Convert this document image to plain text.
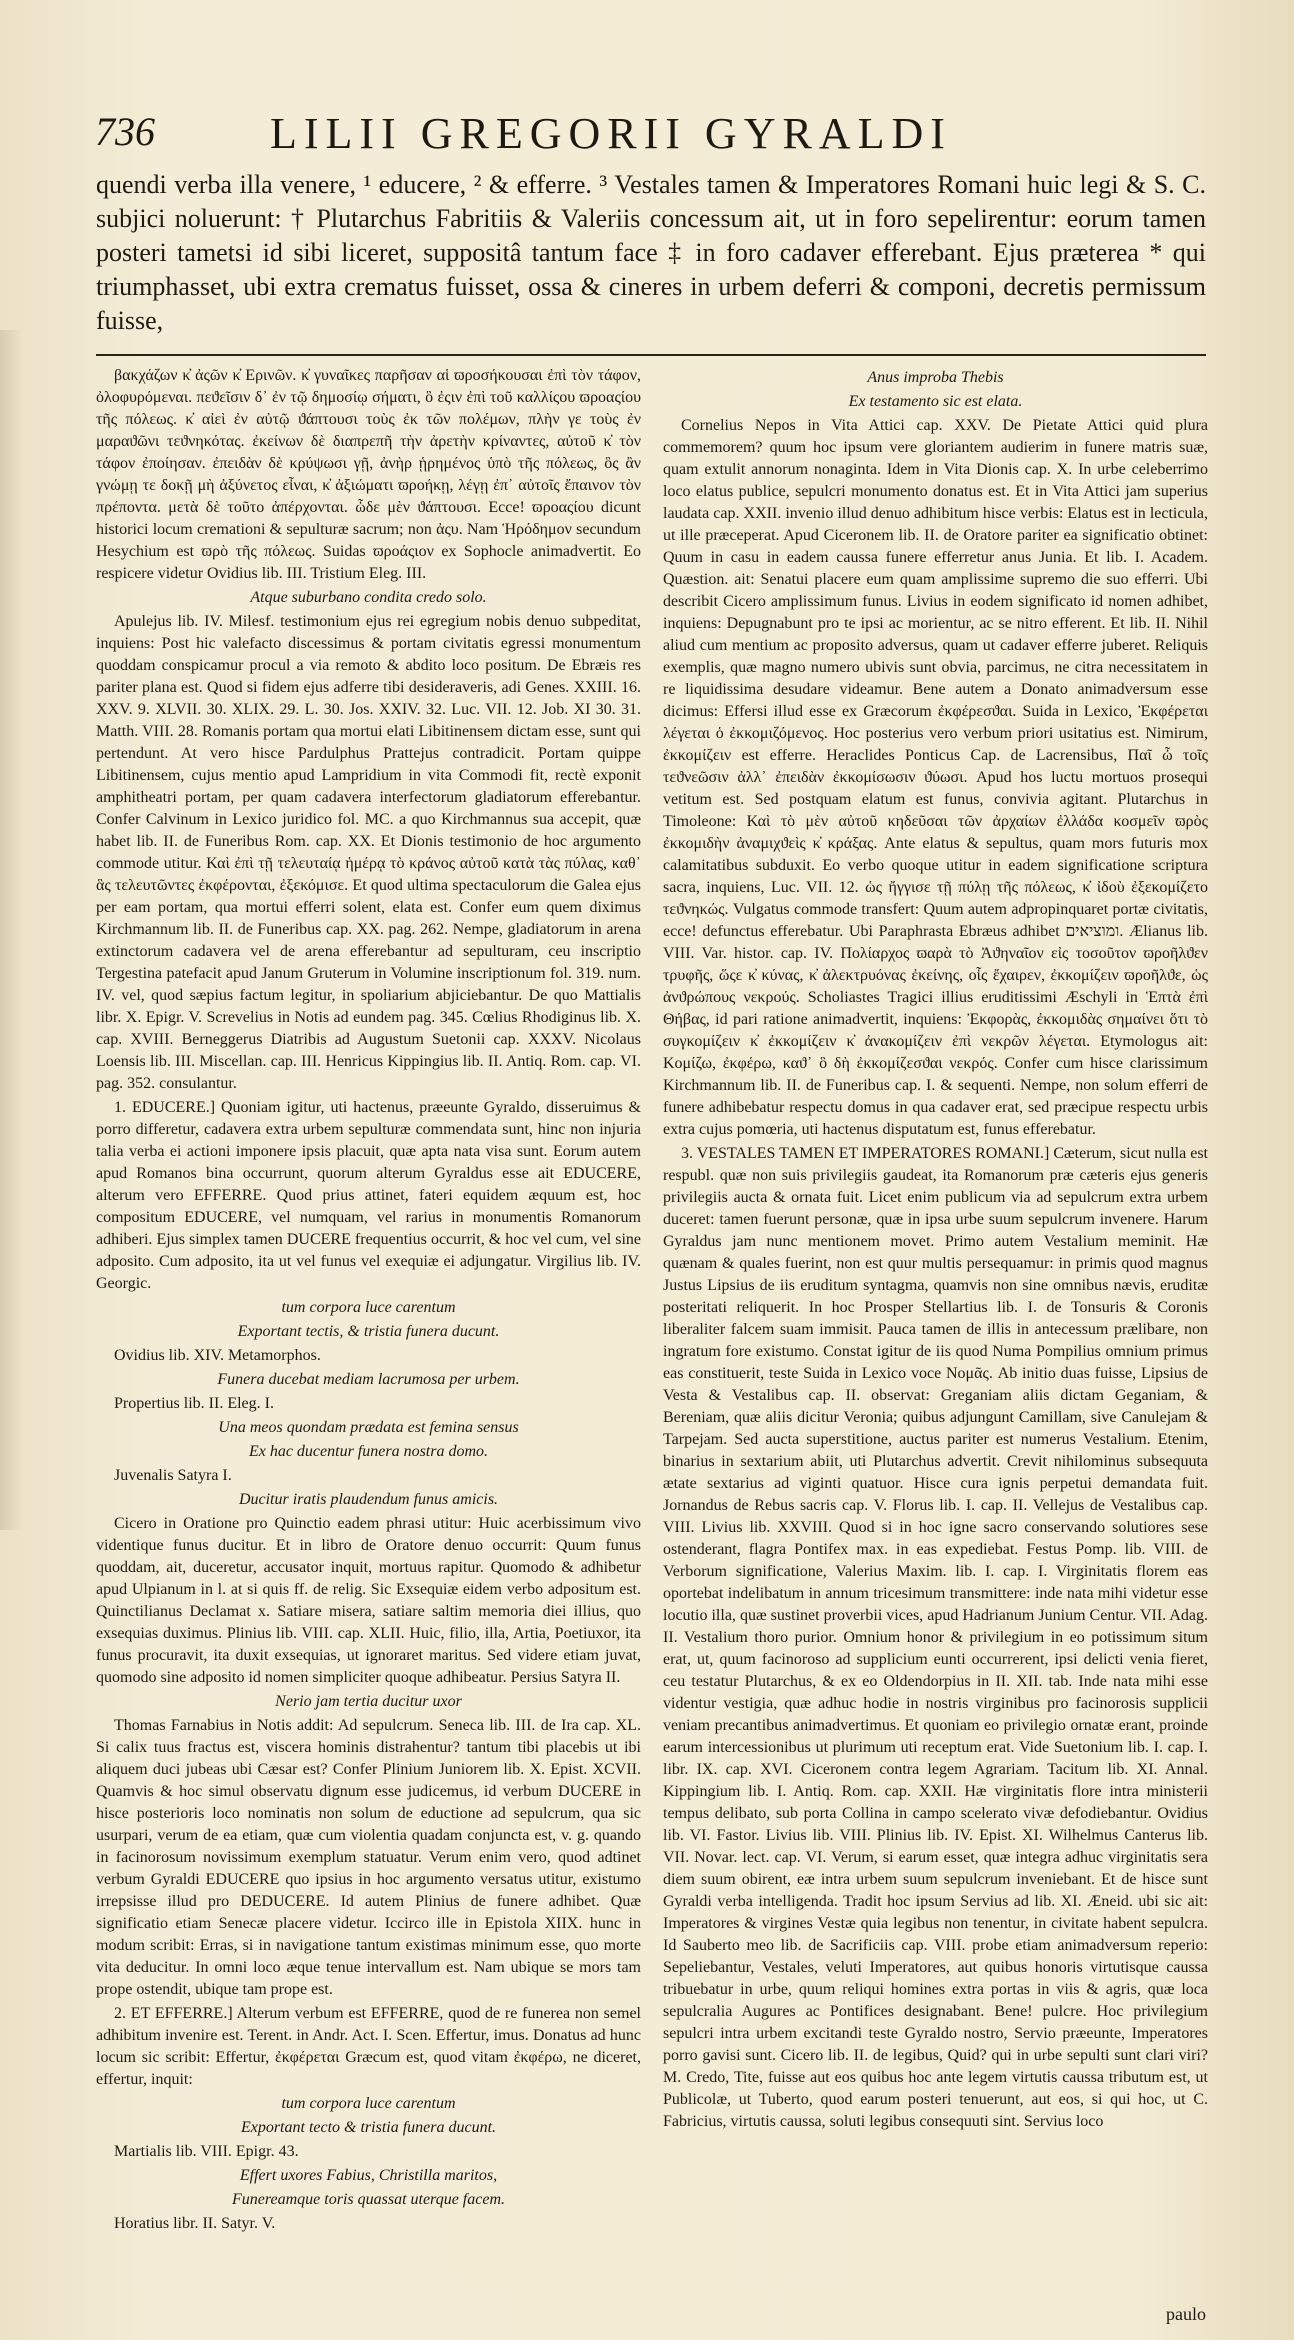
736	LILII GREGORII GYRALDI

quendi verba illa venere, ¹ educere, ² & efferre. ³ Vestales tamen & Imperatores Romani huic legi & S. C. subjici noluerunt: † Plutarchus Fabritiis & Valeriis concessum ait, ut in foro sepelirentur: eorum tamen posteri tametsi id sibi liceret, suppositâ tantum face ‡ in foro cadaver efferebant. Ejus præterea * qui triumphasset, ubi extra crematus fuisset, ossa & cineres in urbem deferri & componi, decretis permissum fuisse,

βακχάζων κ̓ ἀςῶν κ̓ Ερινῶν. κ̓ γυναῖκες παρῆσαν αἱ ϖροσήκουσαι ἐπὶ τὸν τάφον, ὀλοφυρόμεναι. πεϑεῖσιν δ᾽ ἐν τῷ δημοσίῳ σήματι, ὃ ἐςιν ἐπὶ τοῦ καλλίςου ϖροαςίου τῆς πόλεως. κ̓ αἰεὶ ἐν αὐτῷ ϑάπτουσι τοὺς ἐκ τῶν πολέμων, πλὴν γε τοὺς ἐν μαραϑῶνι τεϑνηκότας. ἐκείνων δὲ διαπρεπῆ τὴν ἀρετὴν κρίναντες, αὐτοῦ κ̓ τὸν τάφον ἐποίησαν. ἐπειδὰν δὲ κρύψωσι γῇ, ἀνὴρ ᾑρημένος ὑπὸ τῆς πόλεως, ὃς ἂν γνώμῃ τε δοκῇ μὴ ἀξύνετος εἶναι, κ̓ ἀξιώματι ϖροήκῃ, λέγῃ ἐπ᾽ αὐτοῖς ἔπαινον τὸν πρέποντα. μετὰ δὲ τοῦτο ἀπέρχονται. ὧδε μὲν ϑάπτουσι. Ecce! ϖροαςίου dicunt historici locum cremationi & sepulturæ sacrum; non ἀςυ. Nam Ἡρόδημον secundum Hesychium est ϖρὸ τῆς πόλεως. Suidas ϖροάςιον ex Sophocle animadvertit. Eo respicere videtur Ovidius lib. III. Tristium Eleg. III.

Atque suburbano condita credo solo.

Apulejus lib. IV. Milesf. testimonium ejus rei egregium nobis denuo subpeditat, inquiens: Post hic valefacto discessimus & portam civitatis egressi monumentum quoddam conspicamur procul a via remoto & abdito loco positum. De Ebræis res pariter plana est. Quod si fidem ejus adferre tibi desideraveris, adi Genes. XXIII. 16. XXV. 9. XLVII. 30. XLIX. 29. L. 30. Jos. XXIV. 32. Luc. VII. 12. Job. XI 30. 31. Matth. VIII. 28. Romanis portam qua mortui elati Libitinensem dictam esse, sunt qui pertendunt. At vero hisce Pardulphus Prattejus contradicit. Portam quippe Libitinensem, cujus mentio apud Lampridium in vita Commodi fit, rectè exponit amphitheatri portam, per quam cadavera interfectorum gladiatorum efferebantur. Confer Calvinum in Lexico juridico fol. MC. a quo Kirchmannus sua accepit, quæ habet lib. II. de Funeribus Rom. cap. XX. Et Dionis testimonio de hoc argumento commode utitur. Καὶ ἐπὶ τῇ τελευταίᾳ ἡμέρᾳ τὸ κράνος αὐτοῦ κατὰ τὰς πύλας, καθ᾽ ἃς τελευτῶντες ἐκφέρονται, ἐξεκόμισε. Et quod ultima spectaculorum die Galea ejus per eam portam, qua mortui efferri solent, elata est. Confer eum quem diximus Kirchmannum lib. II. de Funeribus cap. XX. pag. 262. Nempe, gladiatorum in arena extinctorum cadavera vel de arena efferebantur ad sepulturam, ceu inscriptio Tergestina patefacit apud Janum Gruterum in Volumine inscriptionum fol. 319. num. IV. vel, quod sæpius factum legitur, in spoliarium abjiciebantur. De quo Mattialis libr. X. Epigr. V. Screvelius in Notis ad eundem pag. 345. Cœlius Rhodiginus lib. X. cap. XVIII. Berneggerus Diatribis ad Augustum Suetonii cap. XXXV. Nicolaus Loensis lib. III. Miscellan. cap. III. Henricus Kippingius lib. II. Antiq. Rom. cap. VI. pag. 352. consulantur.

1. EDUCERE.] Quoniam igitur, uti hactenus, præeunte Gyraldo, disseruimus & porro differetur, cadavera extra urbem sepulturæ commendata sunt, hinc non injuria talia verba ei actioni imponere ipsis placuit, quæ apta nata visa sunt. Eorum autem apud Romanos bina occurrunt, quorum alterum Gyraldus esse ait EDUCERE, alterum vero EFFERRE. Quod prius attinet, fateri equidem æquum est, hoc compositum EDUCERE, vel numquam, vel rarius in monumentis Romanorum adhiberi. Ejus simplex tamen DUCERE frequentius occurrit, & hoc vel cum, vel sine adposito. Cum adposito, ita ut vel funus vel exequiæ ei adjungatur. Virgilius lib. IV. Georgic.

tum corpora luce carentum

Exportant tectis, & tristia funera ducunt.

Ovidius lib. XIV. Metamorphos.

Funera ducebat mediam lacrumosa per urbem.

Propertius lib. II. Eleg. I.

Una meos quondam prædata est femina sensus

Ex hac ducentur funera nostra domo.

Juvenalis Satyra I.

Ducitur iratis plaudendum funus amicis.

Cicero in Oratione pro Quinctio eadem phrasi utitur: Huic acerbissimum vivo videntique funus ducitur. Et in libro de Oratore denuo occurrit: Quum funus quoddam, ait, duceretur, accusator inquit, mortuus rapitur. Quomodo & adhibetur apud Ulpianum in l. at si quis ff. de relig. Sic Exsequiæ eidem verbo adpositum est. Quinctilianus Declamat x. Satiare misera, satiare saltim memoria diei illius, quo exsequias duximus. Plinius lib. VIII. cap. XLII. Huic, filio, illa, Artia, Poetiuxor, ita funus procuravit, ita duxit exsequias, ut ignoraret maritus. Sed videre etiam juvat, quomodo sine adposito id nomen simpliciter quoque adhibeatur. Persius Satyra II.

Nerio jam tertia ducitur uxor

Thomas Farnabius in Notis addit: Ad sepulcrum. Seneca lib. III. de Ira cap. XL. Si calix tuus fractus est, viscera hominis distrahentur? tantum tibi placebis ut ibi aliquem duci jubeas ubi Cæsar est? Confer Plinium Juniorem lib. X. Epist. XCVII. Quamvis & hoc simul observatu dignum esse judicemus, id verbum DUCERE in hisce posterioris loco nominatis non solum de eductione ad sepulcrum, qua sic usurpari, verum de ea etiam, quæ cum violentia quadam conjuncta est, v. g. quando in facinorosum novissimum exemplum statuatur. Verum enim vero, quod adtinet verbum Gyraldi EDUCERE quo ipsius in hoc argumento versatus utitur, existumo irrepsisse illud pro DEDUCERE. Id autem Plinius de funere adhibet. Quæ significatio etiam Senecæ placere videtur. Iccirco ille in Epistola XIIX. hunc in modum scribit: Erras, si in navigatione tantum existimas minimum esse, quo morte vita deducitur. In omni loco æque tenue intervallum est. Nam ubique se mors tam prope ostendit, ubique tam prope est.

2. ET EFFERRE.] Alterum verbum est EFFERRE, quod de re funerea non semel adhibitum invenire est. Terent. in Andr. Act. I. Scen. Effertur, imus. Donatus ad hunc locum sic scribit: Effertur, ἐκφέρεται Græcum est, quod vitam ἐκφέρω, ne diceret, effertur, inquit:

tum corpora luce carentum

Exportant tecto & tristia funera ducunt.

Martialis lib. VIII. Epigr. 43.

Effert uxores Fabius, Christilla maritos,

Funereamque toris quassat uterque facem.

Horatius libr. II. Satyr. V.

Anus improba Thebis

Ex testamento sic est elata.

Cornelius Nepos in Vita Attici cap. XXV. De Pietate Attici quid plura commemorem? quum hoc ipsum vere gloriantem audierim in funere matris suæ, quam extulit annorum nonaginta. Idem in Vita Dionis cap. X. In urbe celeberrimo loco elatus publice, sepulcri monumento donatus est. Et in Vita Attici jam superius laudata cap. XXII. invenio illud denuo adhibitum hisce verbis: Elatus est in lecticula, ut ille præceperat. Apud Ciceronem lib. II. de Oratore pariter ea significatio obtinet: Quum in casu in eadem caussa funere efferretur anus Junia. Et lib. I. Academ. Quæstion. ait: Senatui placere eum quam amplissime supremo die suo efferri. Ubi describit Cicero amplissimum funus. Livius in eodem significato id nomen adhibet, inquiens: Depugnabunt pro te ipsi ac morientur, ac se nitro efferent. Et lib. II. Nihil aliud cum mentium ac proposito adversus, quam ut cadaver efferre juberet. Reliquis exemplis, quæ magno numero ubivis sunt obvia, parcimus, ne citra necessitatem in re liquidissima desudare videamur. Bene autem a Donato animadversum esse dicimus: Effersi illud esse ex Græcorum ἐκφέρεσϑαι. Suida in Lexico, Ἐκφέρεται λέγεται ὁ ἐκκομιζόμενος. Hoc posterius vero verbum priori usitatius est. Nimirum, ἐκκομίζειν est efferre. Heraclides Ponticus Cap. de Lacrensibus, Παῖ ὦ τοῖς τεϑνεῶσιν ἀλλ᾽ ἐπειδὰν ἐκκομίσωσιν ϑύωσι. Apud hos luctu mortuos prosequi vetitum est. Sed postquam elatum est funus, convivia agitant. Plutarchus in Timoleone: Καὶ τὸ μὲν αὐτοῦ κηδεῦσαι τῶν ἀρχαίων ἐλλάδα κοσμεῖν ϖρὸς ἐκκομιδὴν ἀναμιχϑεὶς κ̓ κράξας. Ante elatus & sepultus, quam mors futuris mox calamitatibus subduxit. Eo verbo quoque utitur in eadem significatione scriptura sacra, inquiens, Luc. VII. 12. ὡς ἤγγισε τῇ πύλῃ τῆς πόλεως, κ̓ ἰδοὺ ἐξεκομίζετο τεϑνηκώς. Vulgatus commode transfert: Quum autem adpropinquaret portæ civitatis, ecce! defunctus efferebatur. Ubi Paraphrasta Ebræus adhibet ומוציאים. Ælianus lib. VIII. Var. histor. cap. IV. Πολίαρχος ϖαρὰ τὸ Ἀϑηναῖον εἰς τοσοῦτον ϖροῆλϑεν τρυφῆς, ὥςε κ̓ κύνας, κ̓ ἀλεκτρυόνας ἐκείνης, οἷς ἔχαιρεν, ἐκκομίζειν ϖροῆλϑε, ὡς ἀνϑρώπους νεκρούς. Scholiastes Tragici illius eruditissimi Æschyli in Ἑπτὰ ἐπὶ Θήβας, id pari ratione animadvertit, inquiens: Ἐκφορὰς, ἐκκομιδὰς σημαίνει ὅτι τὸ συγκομίζειν κ̓ ἐκκομίζειν κ̓ ἀνακομίζειν ἐπὶ νεκρῶν λέγεται. Etymologus ait: Κομίζω, ἐκφέρω, καϑ᾽ ὃ δὴ ἐκκομίζεσϑαι νεκρός. Confer cum hisce clarissimum Kirchmannum lib. II. de Funeribus cap. I. & sequenti. Nempe, non solum efferri de funere adhibebatur respectu domus in qua cadaver erat, sed præcipue respectu urbis extra cujus pomœria, uti hactenus disputatum est, funus efferebatur.

3. VESTALES TAMEN ET IMPERATORES ROMANI.] Cæterum, sicut nulla est respubl. quæ non suis privilegiis gaudeat, ita Romanorum præ cæteris ejus generis privilegiis aucta & ornata fuit. Licet enim publicum via ad sepulcrum extra urbem duceret: tamen fuerunt personæ, quæ in ipsa urbe suum sepulcrum invenere. Harum Gyraldus jam nunc mentionem movet. Primo autem Vestalium meminit. Hæ quænam & quales fuerint, non est quur multis persequamur: in primis quod magnus Justus Lipsius de iis eruditum syntagma, quamvis non sine omnibus nævis, eruditæ posteritati reliquerit. In hoc Prosper Stellartius lib. I. de Tonsuris & Coronis liberaliter falcem suam immisit. Pauca tamen de illis in antecessum prælibare, non ingratum fore existumo. Constat igitur de iis quod Numa Pompilius omnium primus eas constituerit, teste Suida in Lexico voce Νομᾶς. Ab initio duas fuisse, Lipsius de Vesta & Vestalibus cap. II. observat: Greganiam aliis dictam Geganiam, & Bereniam, quæ aliis dicitur Veronia; quibus adjungunt Camillam, sive Canulejam & Tarpejam. Sed aucta superstitione, auctus pariter est numerus Vestalium. Etenim, binarius in sextarium abiit, uti Plutarchus advertit. Crevit nihilominus subsequuta ætate sextarius ad viginti quatuor. Hisce cura ignis perpetui demandata fuit. Jornandus de Rebus sacris cap. V. Florus lib. I. cap. II. Vellejus de Vestalibus cap. VIII. Livius lib. XXVIII. Quod si in hoc igne sacro conservando solutiores sese ostenderant, flagra Pontifex max. in eas expediebat. Festus Pomp. lib. VIII. de Verborum significatione, Valerius Maxim. lib. I. cap. I. Virginitatis florem eas oportebat indelibatum in annum tricesimum transmittere: inde nata mihi videtur esse locutio illa, quæ sustinet proverbii vices, apud Hadrianum Junium Centur. VII. Adag. II. Vestalium thoro purior. Omnium honor & privilegium in eo potissimum situm erat, ut, quum facinoroso ad supplicium eunti occurrerent, ipsi delicti venia fieret, ceu testatur Plutarchus, & ex eo Oldendorpius in II. XII. tab. Inde nata mihi esse videntur vestigia, quæ adhuc hodie in nostris virginibus pro facinorosis supplicii veniam precantibus animadvertimus. Et quoniam eo privilegio ornatæ erant, proinde earum intercessionibus ut plurimum uti receptum erat. Vide Suetonium lib. I. cap. I. libr. IX. cap. XVI. Ciceronem contra legem Agrariam. Tacitum lib. XI. Annal. Kippingium lib. I. Antiq. Rom. cap. XXII. Hæ virginitatis flore intra ministerii tempus delibato, sub porta Collina in campo scelerato vivæ defodiebantur. Ovidius lib. VI. Fastor. Livius lib. VIII. Plinius lib. IV. Epist. XI. Wilhelmus Canterus lib. VII. Novar. lect. cap. VI. Verum, si earum esset, quæ integra adhuc virginitatis sera diem suum obirent, eæ intra urbem suum sepulcrum inveniebant. Et de hisce sunt Gyraldi verba intelligenda. Tradit hoc ipsum Servius ad lib. XI. Æneid. ubi sic ait: Imperatores & virgines Vestæ quia legibus non tenentur, in civitate habent sepulcra. Id Sauberto meo lib. de Sacrificiis cap. VIII. probe etiam animadversum reperio: Sepeliebantur, Vestales, veluti Imperatores, aut quibus honoris virtutisque caussa tribuebatur in urbe, quum reliqui homines extra portas in viis & agris, quæ loca sepulcralia Augures ac Pontifices designabant. Bene! pulcre. Hoc privilegium sepulcri intra urbem excitandi teste Gyraldo nostro, Servio præeunte, Imperatores porro gavisi sunt. Cicero lib. II. de legibus, Quid? qui in urbe sepulti sunt clari viri? M. Credo, Tite, fuisse aut eos quibus hoc ante legem virtutis caussa tributum est, ut Publicolæ, ut Tuberto, quod earum posteri tenuerunt, aut eos, si qui hoc, ut C. Fabricius, virtutis caussa, soluti legibus consequuti sint. Servius loco

paulo
